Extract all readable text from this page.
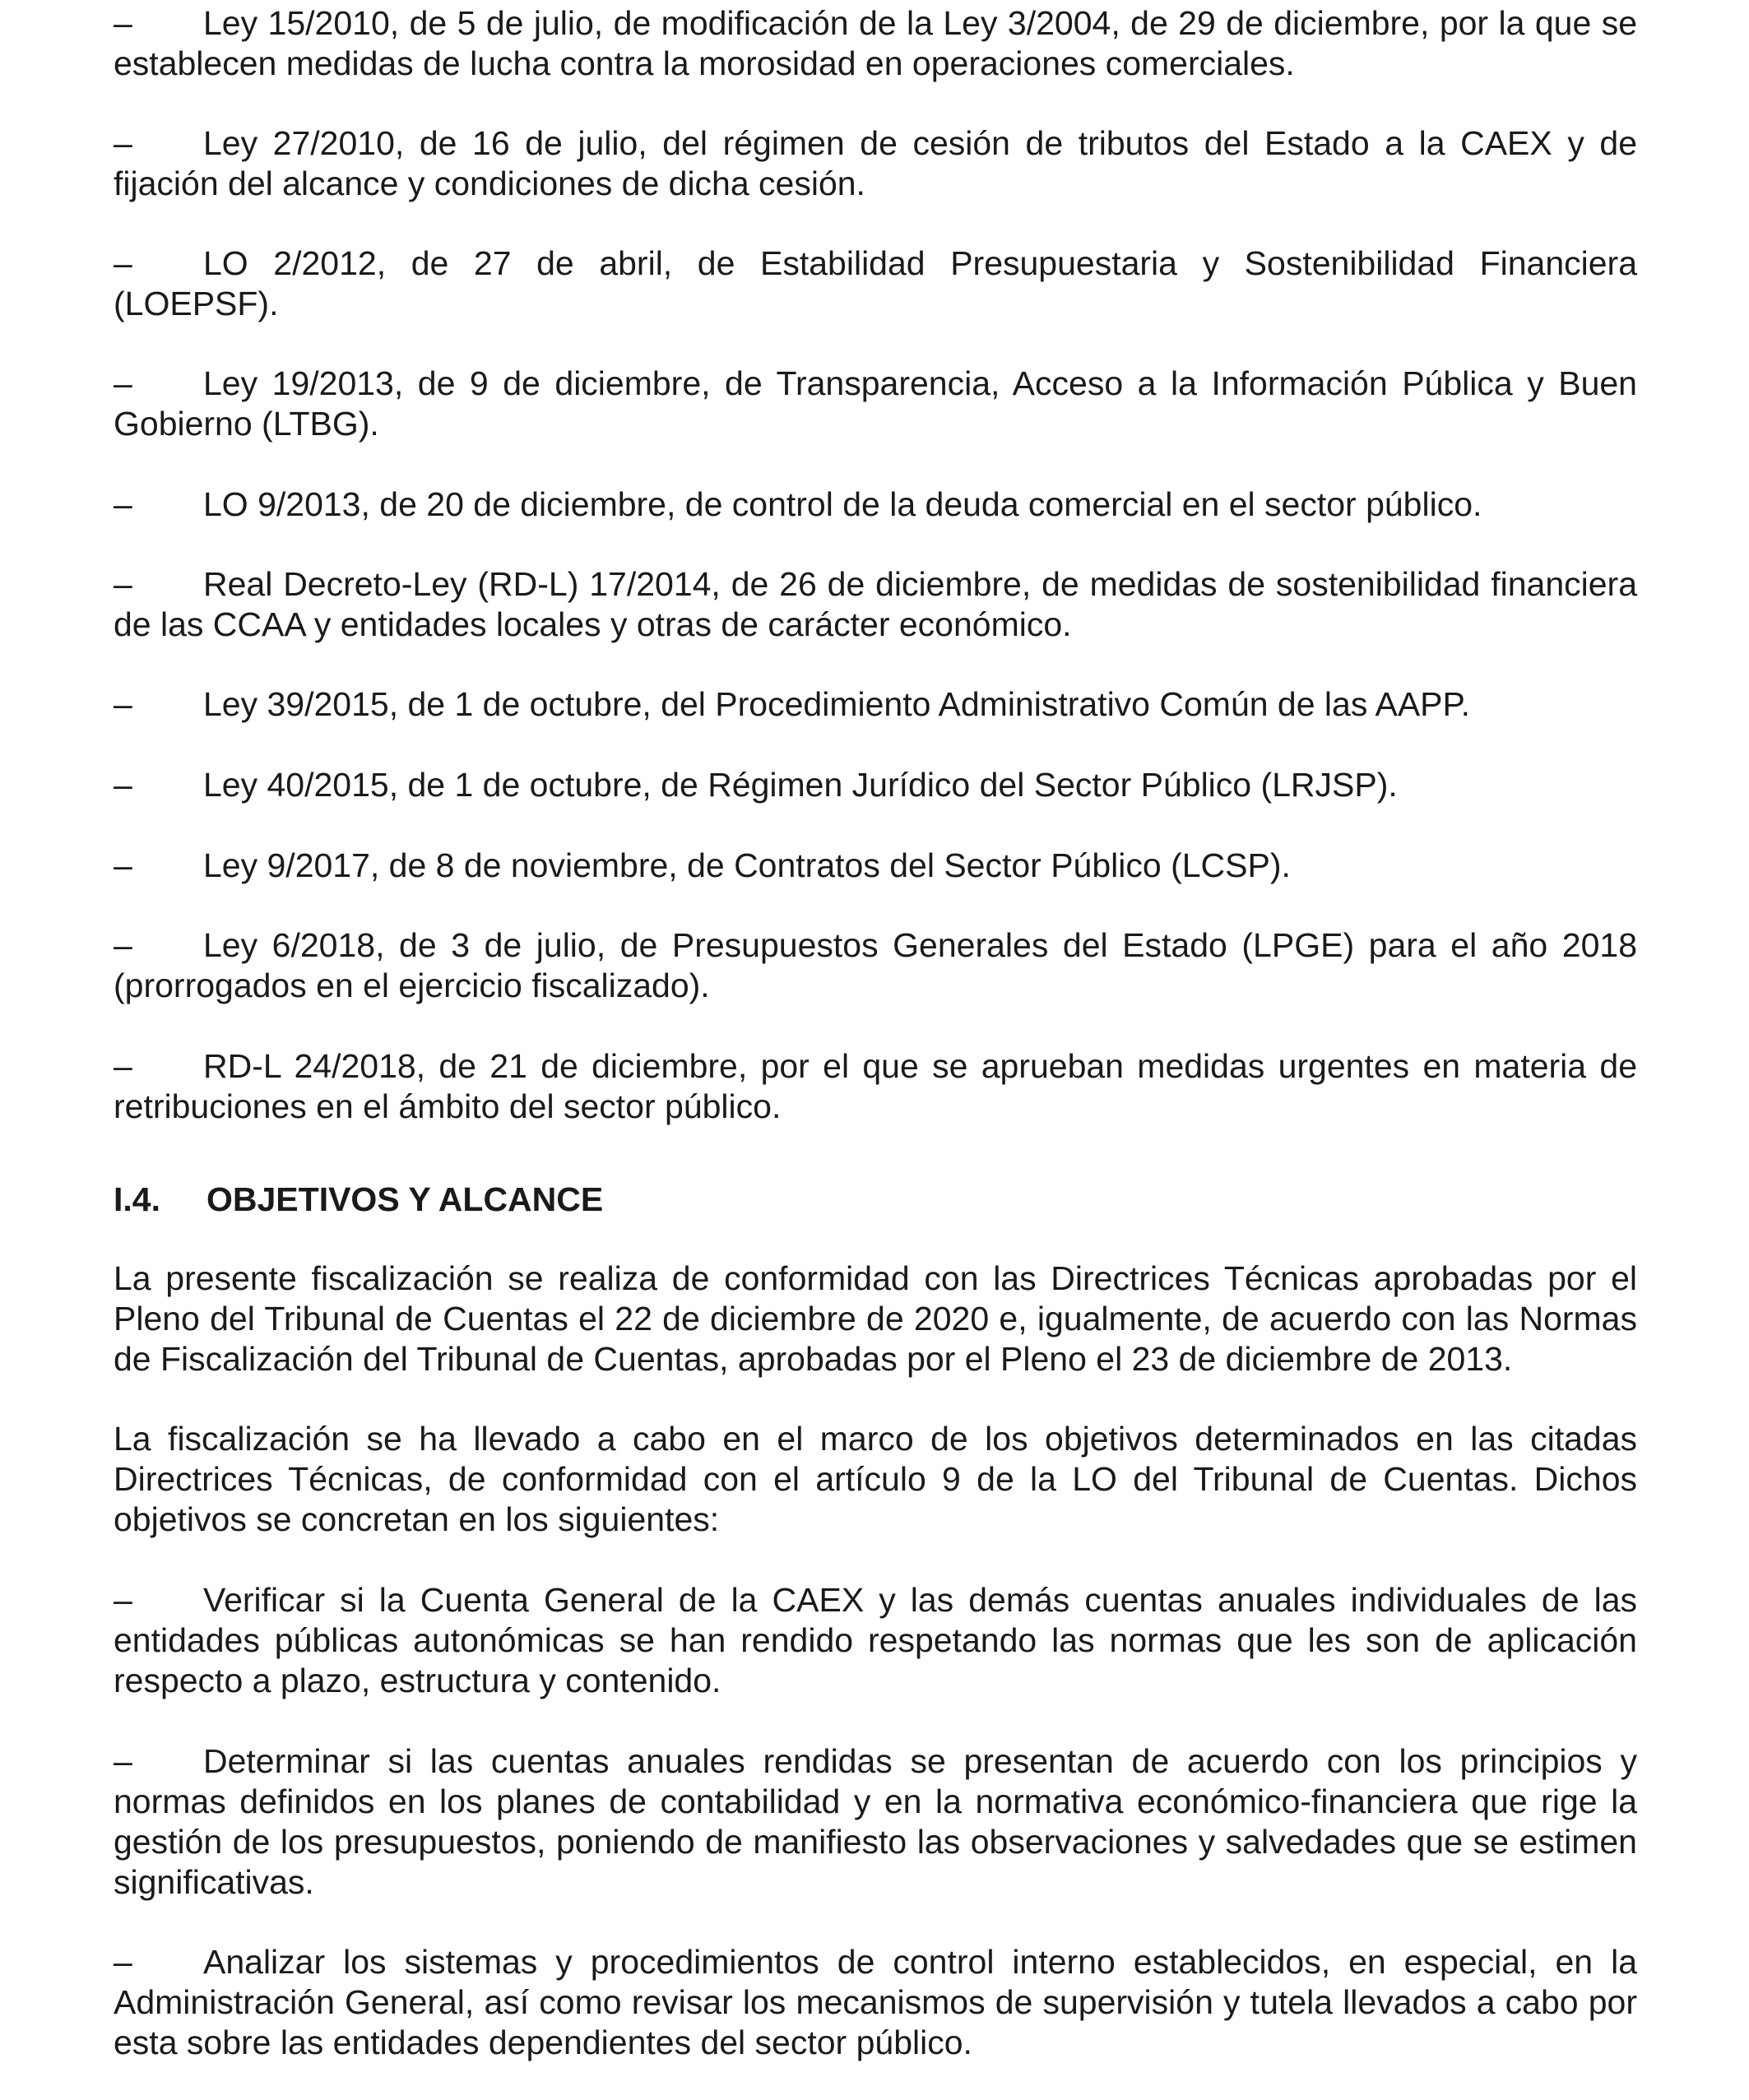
– Ley 15/2010, de 5 de julio, de modificación de la Ley 3/2004, de 29 de diciembre, por la que se establecen medidas de lucha contra la morosidad en operaciones comerciales.
– Ley 27/2010, de 16 de julio, del régimen de cesión de tributos del Estado a la CAEX y de fijación del alcance y condiciones de dicha cesión.
– LO 2/2012, de 27 de abril, de Estabilidad Presupuestaria y Sostenibilidad Financiera (LOEPSF).
– Ley 19/2013, de 9 de diciembre, de Transparencia, Acceso a la Información Pública y Buen Gobierno (LTBG).
– LO 9/2013, de 20 de diciembre, de control de la deuda comercial en el sector público.
– Real Decreto-Ley (RD-L) 17/2014, de 26 de diciembre, de medidas de sostenibilidad financiera de las CCAA y entidades locales y otras de carácter económico.
– Ley 39/2015, de 1 de octubre, del Procedimiento Administrativo Común de las AAPP.
– Ley 40/2015, de 1 de octubre, de Régimen Jurídico del Sector Público (LRJSP).
– Ley 9/2017, de 8 de noviembre, de Contratos del Sector Público (LCSP).
– Ley 6/2018, de 3 de julio, de Presupuestos Generales del Estado (LPGE) para el año 2018 (prorrogados en el ejercicio fiscalizado).
– RD-L 24/2018, de 21 de diciembre, por el que se aprueban medidas urgentes en materia de retribuciones en el ámbito del sector público.
I.4. OBJETIVOS Y ALCANCE
La presente fiscalización se realiza de conformidad con las Directrices Técnicas aprobadas por el Pleno del Tribunal de Cuentas el 22 de diciembre de 2020 e, igualmente, de acuerdo con las Normas de Fiscalización del Tribunal de Cuentas, aprobadas por el Pleno el 23 de diciembre de 2013.
La fiscalización se ha llevado a cabo en el marco de los objetivos determinados en las citadas Directrices Técnicas, de conformidad con el artículo 9 de la LO del Tribunal de Cuentas. Dichos objetivos se concretan en los siguientes:
– Verificar si la Cuenta General de la CAEX y las demás cuentas anuales individuales de las entidades públicas autonómicas se han rendido respetando las normas que les son de aplicación respecto a plazo, estructura y contenido.
– Determinar si las cuentas anuales rendidas se presentan de acuerdo con los principios y normas definidos en los planes de contabilidad y en la normativa económico-financiera que rige la gestión de los presupuestos, poniendo de manifiesto las observaciones y salvedades que se estimen significativas.
– Analizar los sistemas y procedimientos de control interno establecidos, en especial, en la Administración General, así como revisar los mecanismos de supervisión y tutela llevados a cabo por esta sobre las entidades dependientes del sector público.
